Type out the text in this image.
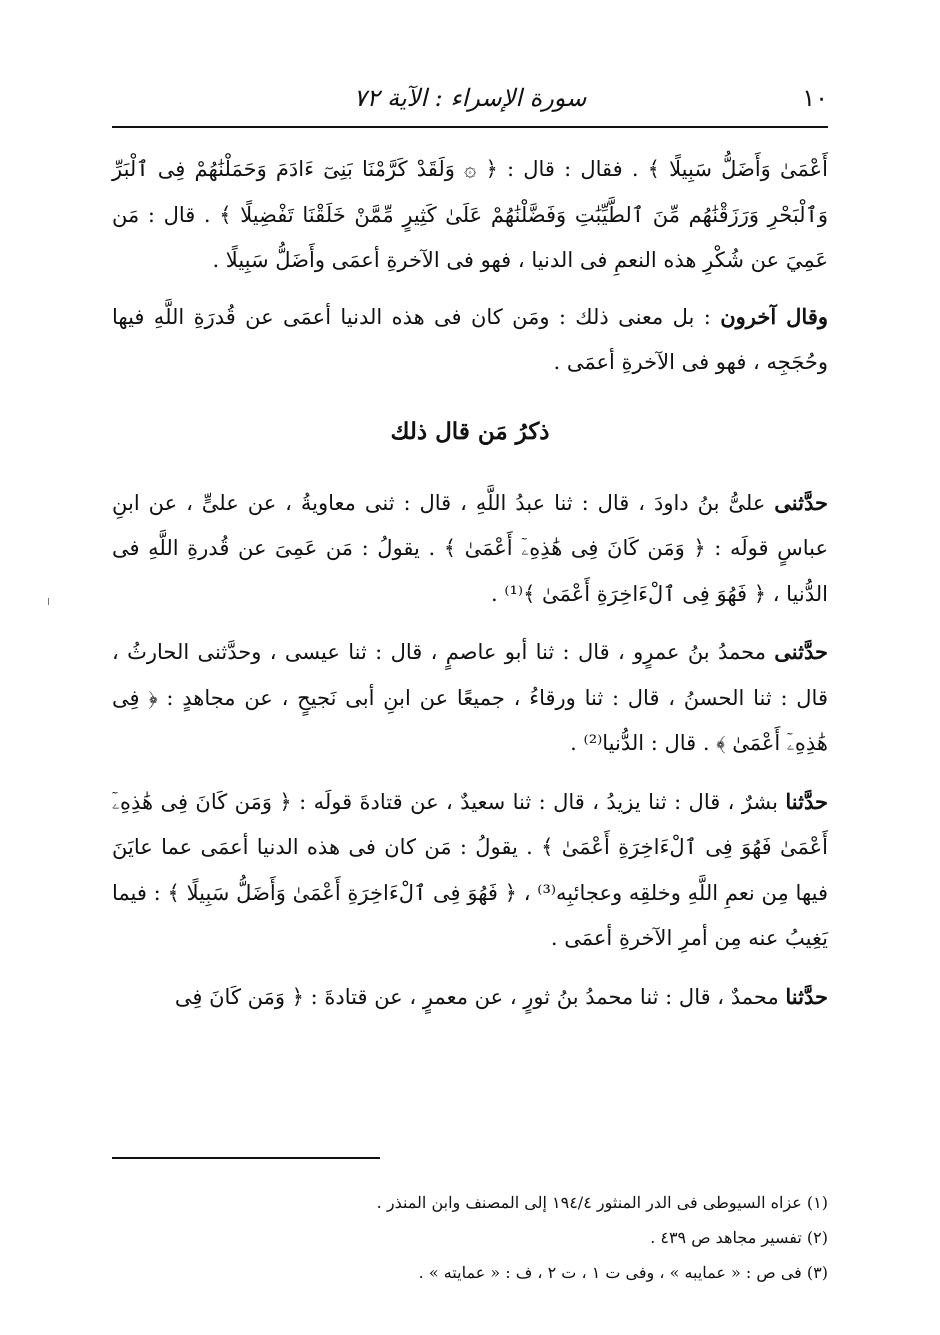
١٠
سورة الإسراء : الآية ٧٢

أَعْمَىٰ وَأَضَلُّ سَبِيلًا ﴾ . فقال : قال : ﴿ ۞ وَلَقَدْ كَرَّمْنَا بَنِىٓ ءَادَمَ وَحَمَلْنَٰهُمْ فِى ٱلْبَرِّ وَٱلْبَحْرِ وَرَزَقْنَٰهُم مِّنَ ٱلطَّيِّبَٰتِ وَفَضَّلْنَٰهُمْ عَلَىٰ كَثِيرٍ مِّمَّنْ خَلَقْنَا تَفْضِيلًا ﴾ . قال : مَن عَمِيَ عن شُكْرِ هذه النعمِ فى الدنيا ، فهو فى الآخرةِ أعمَى وأَضَلُّ سَبِيلًا .

وقال آخرون : بل معنى ذلك : ومَن كان فى هذه الدنيا أعمَى عن قُدرَةِ اللَّهِ فيها وحُجَجِه ، فهو فى الآخرةِ أعمَى .

ذكرُ مَن قال ذلك

حدَّثنى علىُّ بنُ داودَ ، قال : ثنا عبدُ اللَّهِ ، قال : ثنى معاويةُ ، عن علىٍّ ، عن ابنِ عباسٍ قولَه : ﴿ وَمَن كَانَ فِى هَٰذِهِۦٓ أَعْمَىٰ ﴾ . يقولُ : مَن عَمِىَ عن قُدرةِ اللَّهِ فى الدُّنيا ، ﴿ فَهُوَ فِى ٱلْءَاخِرَةِ أَعْمَىٰ ﴾⁽¹⁾ .

حدَّثنى محمدُ بنُ عمرٍو ، قال : ثنا أبو عاصمٍ ، قال : ثنا عيسى ، وحدَّثنى الحارثُ ، قال : ثنا الحسنُ ، قال : ثنا ورقاءُ ، جميعًا عن ابنِ أبى نَجيحٍ ، عن مجاهدٍ : ﴿ فِى هَٰذِهِۦٓ أَعْمَىٰ ﴾ . قال : الدُّنيا⁽²⁾ .

حدَّثنا بشرٌ ، قال : ثنا يزيدُ ، قال : ثنا سعيدٌ ، عن قتادةَ قولَه : ﴿ وَمَن كَانَ فِى هَٰذِهِۦٓ أَعْمَىٰ فَهُوَ فِى ٱلْءَاخِرَةِ أَعْمَىٰ ﴾ . يقولُ : مَن كان فى هذه الدنيا أعمَى عما عايَنَ فيها مِن نعمِ اللَّهِ وخلقِه وعجائبِه⁽³⁾ ، ﴿ فَهُوَ فِى ٱلْءَاخِرَةِ أَعْمَىٰ وَأَضَلُّ سَبِيلًا ﴾ : فيما يَغِيبُ عنه مِن أمرِ الآخرةِ أعمَى .

حدَّثنا محمدٌ ، قال : ثنا محمدُ بنُ ثورٍ ، عن معمرٍ ، عن قتادةَ : ﴿ وَمَن كَانَ فِى

(١) عزاه السيوطى فى الدر المنثور ١٩٤/٤ إلى المصنف وابن المنذر .

(٢) تفسير مجاهد ص ٤٣٩ .

(٣) فى ص : « عمايبه » ، وفى ت ١ ، ت ٢ ، ف : « عمايته » .
